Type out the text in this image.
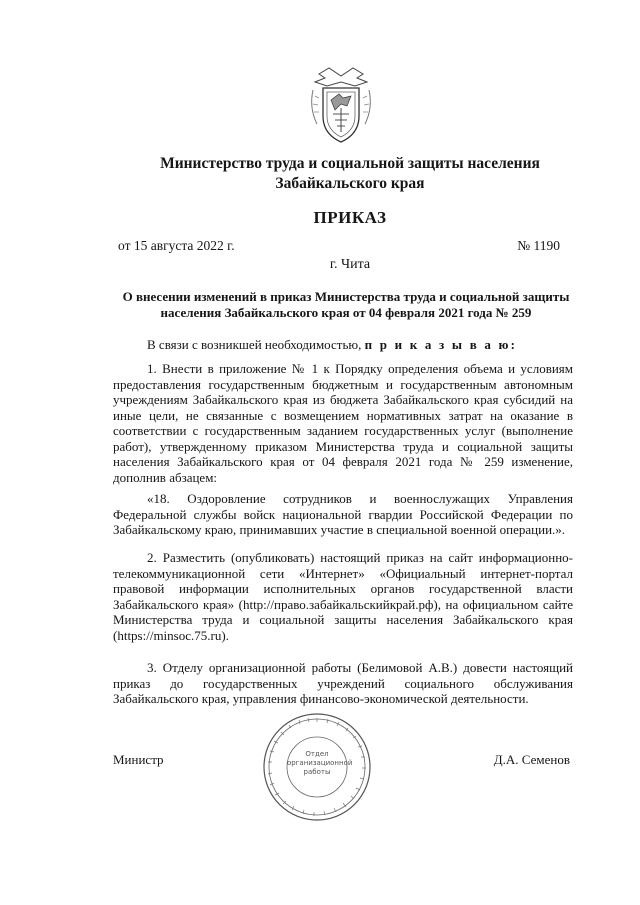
Министерство труда и социальной защиты населения
Забайкальского края
ПРИКАЗ
от 15 августа 2022 г.	№ 1190
г. Чита
О внесении изменений в приказ Министерства труда и социальной защиты населения Забайкальского края от 04 февраля 2021 года № 259
В связи с возникшей необходимостью, п р и к а з ы в а ю:
1. Внести в приложение № 1 к Порядку определения объема и условиям предоставления государственным бюджетным и государственным автономным учреждениям Забайкальского края из бюджета Забайкальского края субсидий на иные цели, не связанные с возмещением нормативных затрат на оказание в соответствии с государственным заданием государственных услуг (выполнение работ), утвержденному приказом Министерства труда и социальной защиты населения Забайкальского края от 04 февраля 2021 года № 259 изменение, дополнив абзацем:
«18. Оздоровление сотрудников и военнослужащих Управления Федеральной службы войск национальной гвардии Российской Федерации по Забайкальскому краю, принимавших участие в специальной военной операции.».
2. Разместить (опубликовать) настоящий приказ на сайт информационно-телекоммуникационной сети «Интернет» «Официальный интернет-портал правовой информации исполнительных органов государственной власти Забайкальского края» (http://право.забайкальскийкрай.рф), на официальном сайте Министерства труда и социальной защиты населения Забайкальского края (https://minsoc.75.ru).
3. Отделу организационной работы (Белимовой А.В.) довести настоящий приказ до государственных учреждений социального обслуживания Забайкальского края, управления финансово-экономической деятельности.
Министр	Д.А. Семенов
Отдел
организационной
работы
